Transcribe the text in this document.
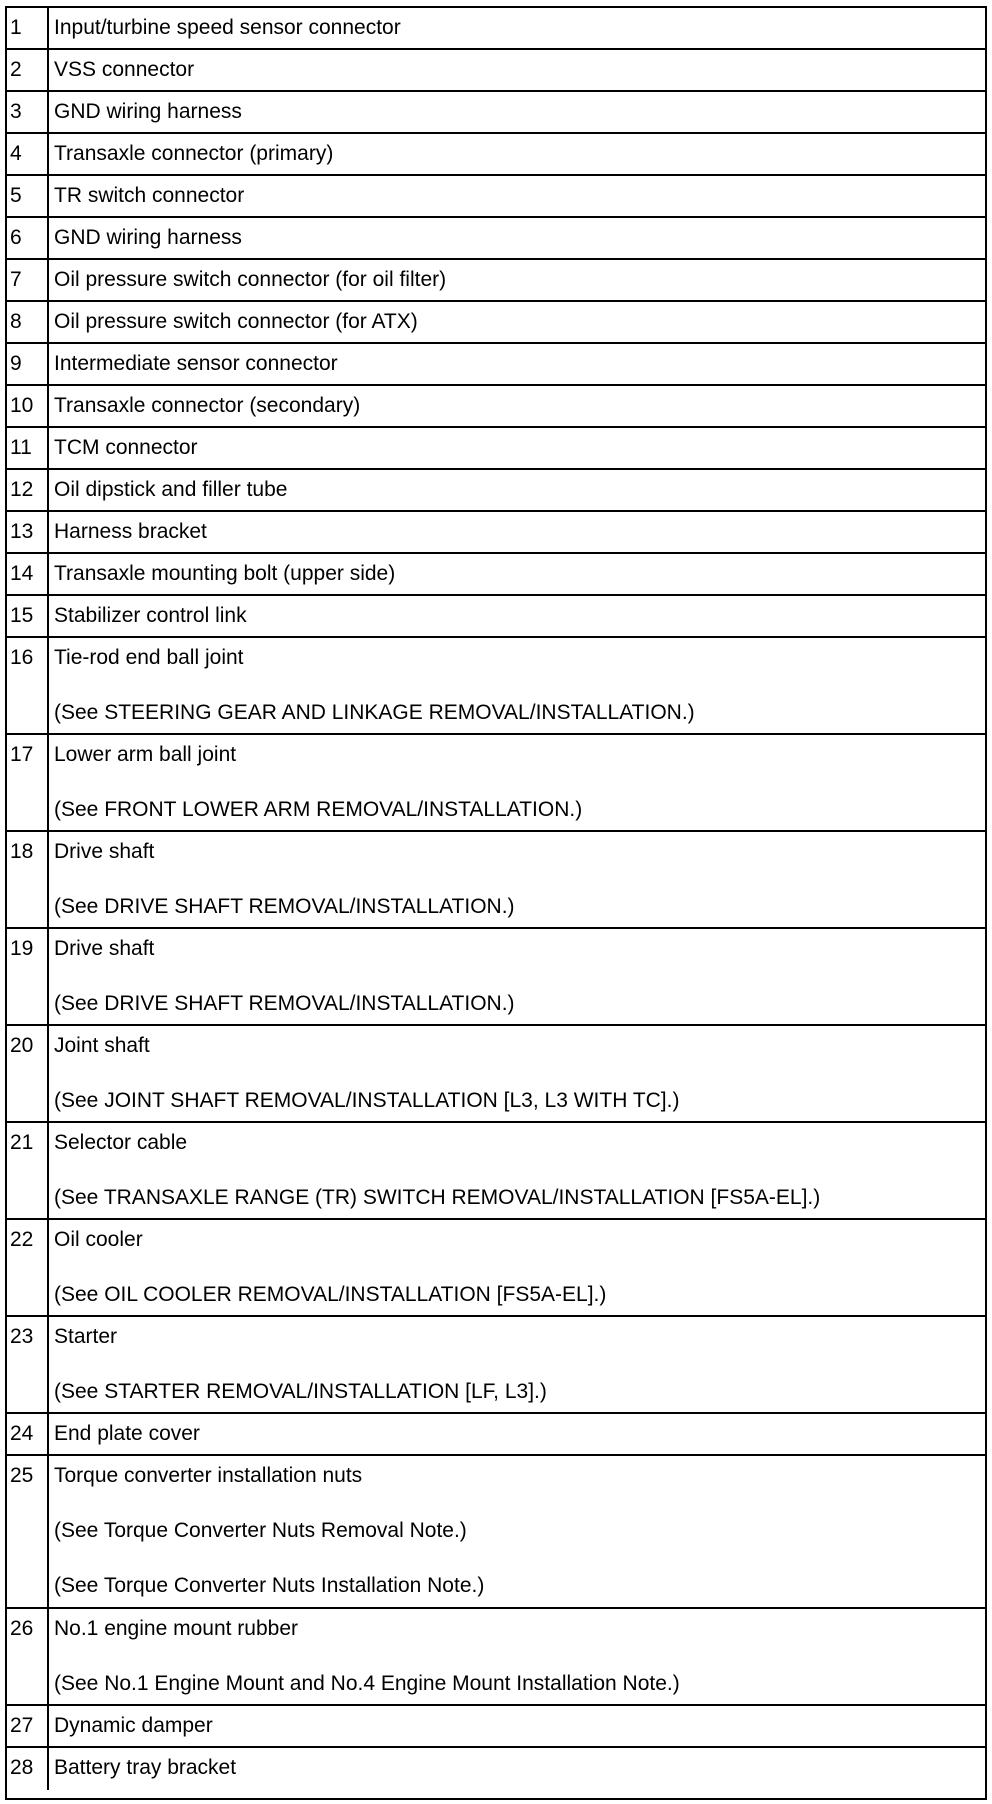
1	Input/turbine speed sensor connector
2	VSS connector
3	GND wiring harness
4	Transaxle connector (primary)
5	TR switch connector
6	GND wiring harness
7	Oil pressure switch connector (for oil filter)
8	Oil pressure switch connector (for ATX)
9	Intermediate sensor connector
10 Transaxle connector (secondary)
11	TCM connector
12 Oil dipstick and filler tube
13 Harness bracket
14 Transaxle mounting bolt (upper side)
15 Stabilizer control link
16 Tie-rod end ball joint
(See STEERING GEAR AND LINKAGE REMOVAL/INSTALLATION.)
17 Lower arm ball joint
(See FRONT LOWER ARM REMOVAL/INSTALLATION.)
18 Drive shaft
(See DRIVE SHAFT REMOVAL/INSTALLATION.)
19 Drive shaft
(See DRIVE SHAFT REMOVAL/INSTALLATION.)
20 Joint shaft
(See JOINT SHAFT REMOVAL/INSTALLATION [L3, L3 WITH TC].)
21 Selector cable
(See TRANSAXLE RANGE (TR) SWITCH REMOVAL/INSTALLATION [FS5A-EL].)
22 Oil cooler
(See OIL COOLER REMOVAL/INSTALLATION [FS5A-EL].)
23 Starter
(See STARTER REMOVAL/INSTALLATION [LF, L3].)
24 End plate cover
25 Torque converter installation nuts
(See Torque Converter Nuts Removal Note.)
(See Torque Converter Nuts Installation Note.)
26 No.1 engine mount rubber
(See No.1 Engine Mount and No.4 Engine Mount Installation Note.)
27 Dynamic damper
28 Battery tray bracket
